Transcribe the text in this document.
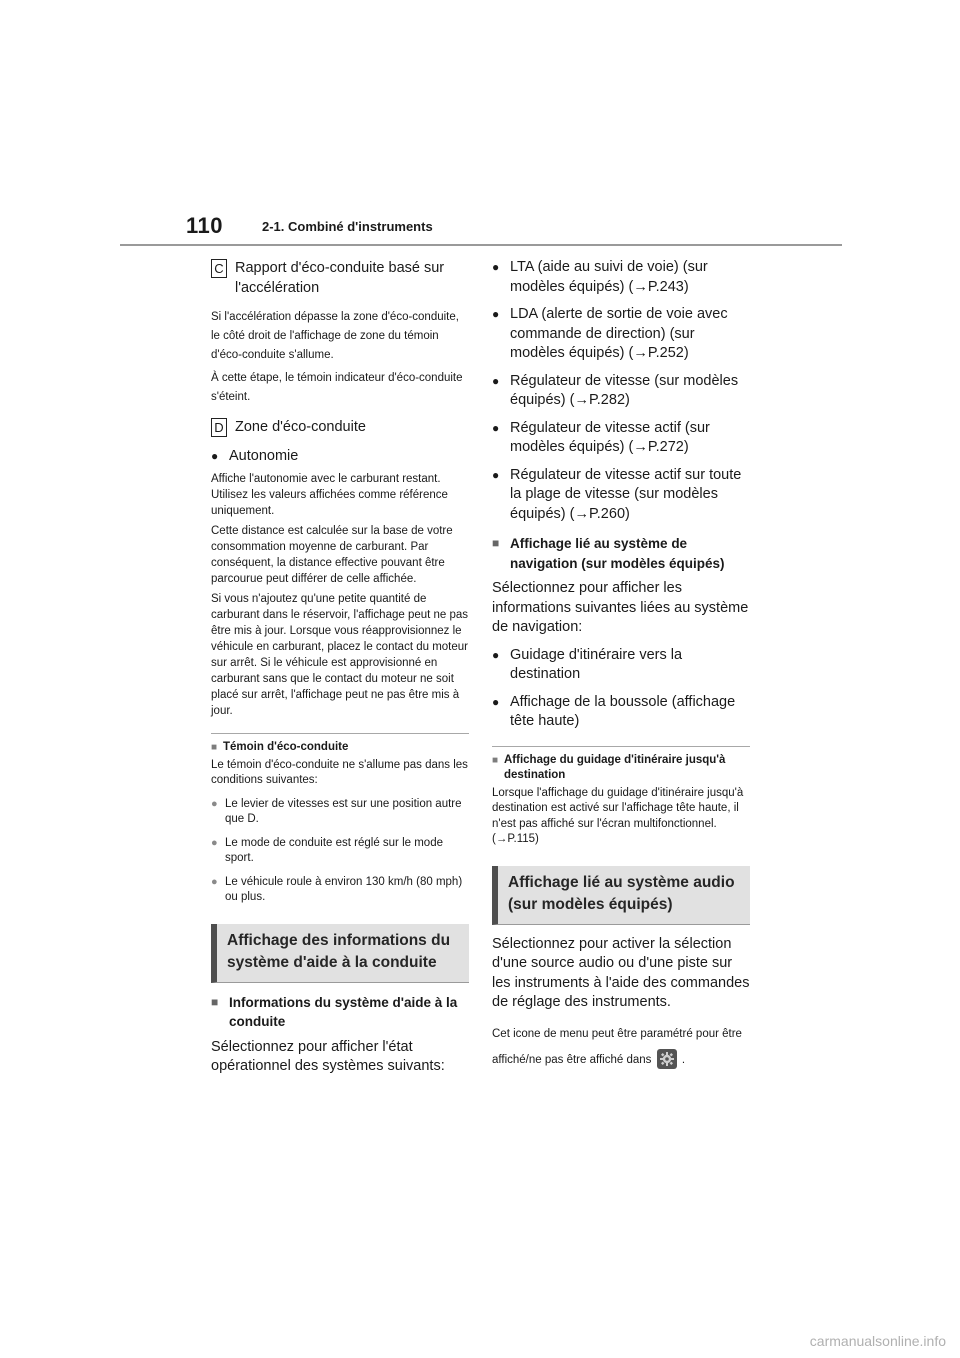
110	2-1. Combiné d'instruments
C Rapport d'éco-conduite basé sur l'accélération

Si l'accélération dépasse la zone d'éco-conduite, le côté droit de l'affichage de zone du témoin d'éco-conduite s'allume.

À cette étape, le témoin indicateur d'éco-conduite s'éteint.

D Zone d'éco-conduite
● Autonomie

Affiche l'autonomie avec le carburant restant. Utilisez les valeurs affichées comme référence uniquement.

Cette distance est calculée sur la base de votre consommation moyenne de carburant. Par conséquent, la distance effective pouvant être parcourue peut différer de celle affichée.

Si vous n'ajoutez qu'une petite quantité de carburant dans le réservoir, l'affichage peut ne pas être mis à jour. Lorsque vous réapprovisionnez le véhicule en carburant, placez le contact du moteur sur arrêt. Si le véhicule est approvisionné en carburant sans que le contact du moteur ne soit placé sur arrêt, l'affichage peut ne pas être mis à jour.

■ Témoin d'éco-conduite
Le témoin d'éco-conduite ne s'allume pas dans les conditions suivantes:
● Le levier de vitesses est sur une position autre que D.
● Le mode de conduite est réglé sur le mode sport.
● Le véhicule roule à environ 130 km/h (80 mph) ou plus.
Affichage des informations du système d'aide à la conduite
■ Informations du système d'aide à la conduite

Sélectionnez pour afficher l'état opérationnel des systèmes suivants:

● LTA (aide au suivi de voie) (sur modèles équipés) (→P.243)
● LDA (alerte de sortie de voie avec commande de direction) (sur modèles équipés) (→P.252)
● Régulateur de vitesse (sur modèles équipés) (→P.282)
● Régulateur de vitesse actif (sur modèles équipés) (→P.272)
● Régulateur de vitesse actif sur toute la plage de vitesse (sur modèles équipés) (→P.260)
■ Affichage lié au système de navigation (sur modèles équipés)

Sélectionnez pour afficher les informations suivantes liées au système de navigation:

● Guidage d'itinéraire vers la destination
● Affichage de la boussole (affichage tête haute)
■ Affichage du guidage d'itinéraire jusqu'à destination
Lorsque l'affichage du guidage d'itinéraire jusqu'à destination est activé sur l'affichage tête haute, il n'est pas affiché sur l'écran multifonctionnel. (→P.115)
Affichage lié au système audio (sur modèles équipés)

Sélectionnez pour activer la sélection d'une source audio ou d'une piste sur les instruments à l'aide des commandes de réglage des instruments.

Cet icone de menu peut être paramétré pour être affiché/ne pas être affiché dans	.

carmanualsonline.info
